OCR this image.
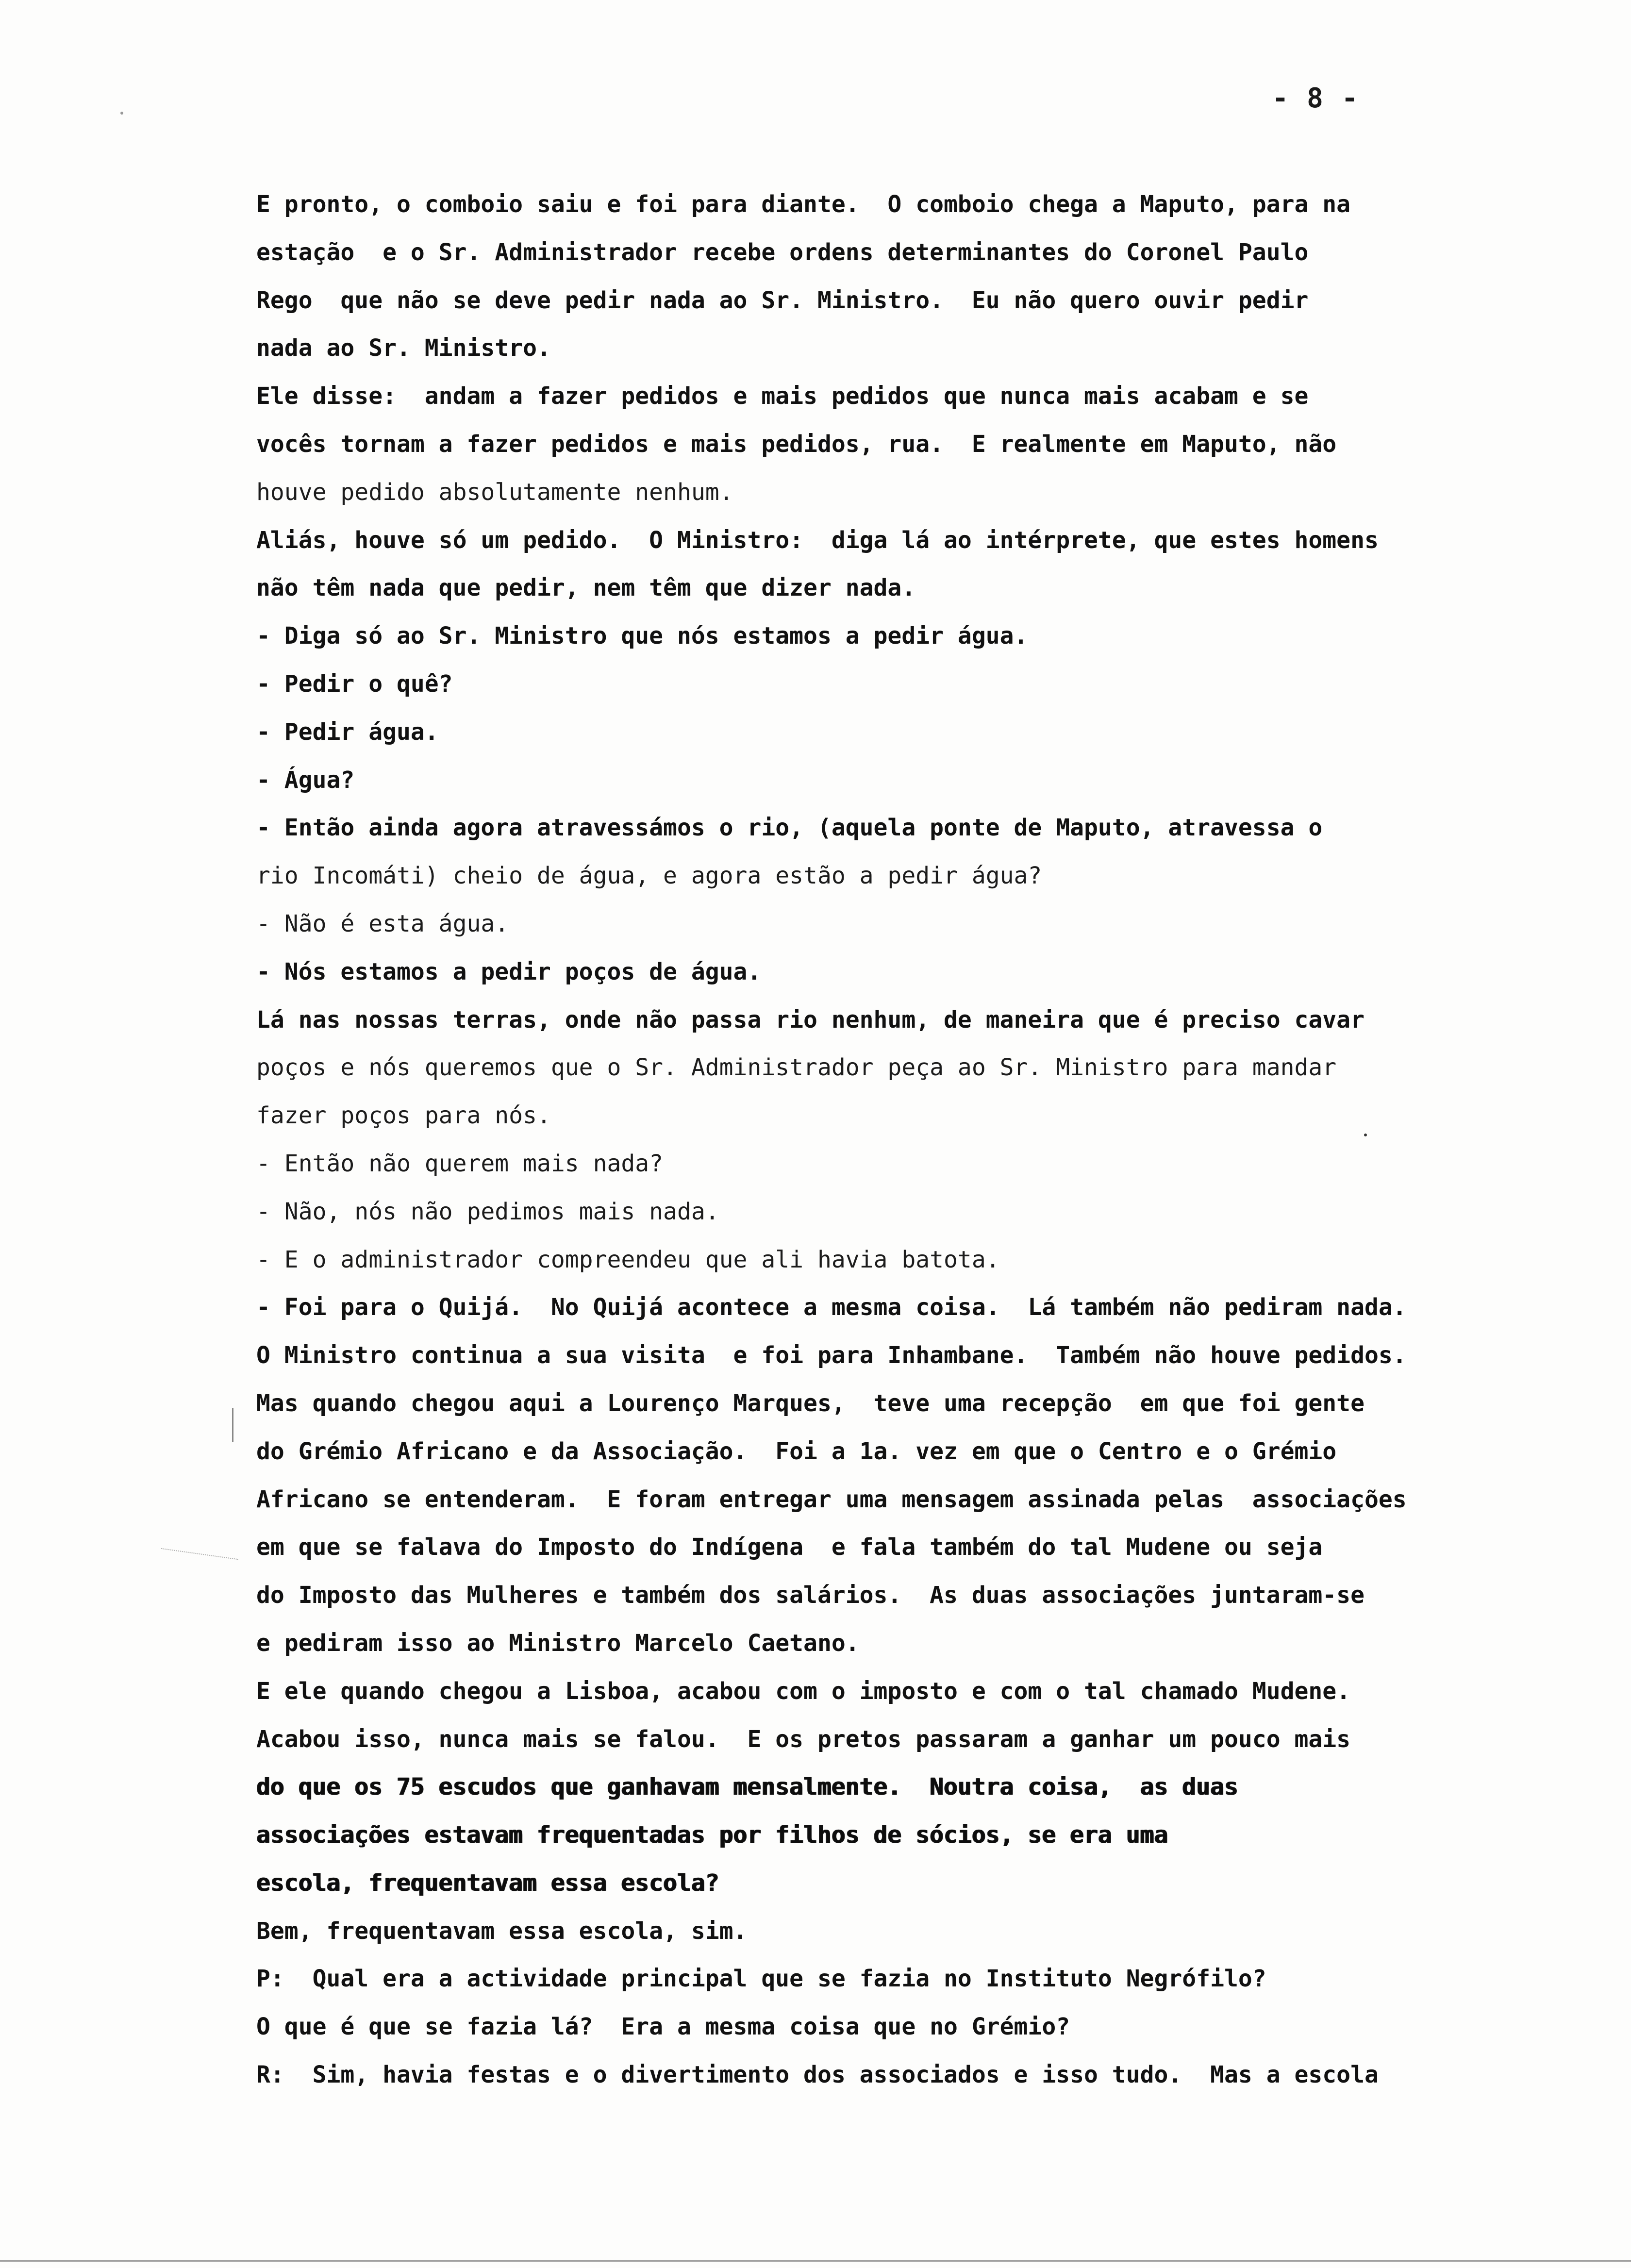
- 8 -
E pronto, o comboio saiu e foi para diante.  O comboio chega a Maputo, para na
estação  e o Sr. Administrador recebe ordens determinantes do Coronel Paulo
Rego  que não se deve pedir nada ao Sr. Ministro.  Eu não quero ouvir pedir
nada ao Sr. Ministro.
Ele disse:  andam a fazer pedidos e mais pedidos que nunca mais acabam e se
vocês tornam a fazer pedidos e mais pedidos, rua.  E realmente em Maputo, não
houve pedido absolutamente nenhum.
Aliás, houve só um pedido.  O Ministro:  diga lá ao intérprete, que estes homens
não têm nada que pedir, nem têm que dizer nada.
- Diga só ao Sr. Ministro que nós estamos a pedir água.
- Pedir o quê?
- Pedir água.
- Água?
- Então ainda agora atravessámos o rio, (aquela ponte de Maputo, atravessa o
rio Incomáti) cheio de água, e agora estão a pedir água?
- Não é esta água.
- Nós estamos a pedir poços de água.
Lá nas nossas terras, onde não passa rio nenhum, de maneira que é preciso cavar
poços e nós queremos que o Sr. Administrador peça ao Sr. Ministro para mandar
fazer poços para nós.
- Então não querem mais nada?
- Não, nós não pedimos mais nada.
- E o administrador compreendeu que ali havia batota.
- Foi para o Quijá.  No Quijá acontece a mesma coisa.  Lá também não pediram nada.
O Ministro continua a sua visita  e foi para Inhambane.  Também não houve pedidos.
Mas quando chegou aqui a Lourenço Marques,  teve uma recepção  em que foi gente
do Grémio Africano e da Associação.  Foi a 1a. vez em que o Centro e o Grémio
Africano se entenderam.  E foram entregar uma mensagem assinada pelas  associações
em que se falava do Imposto do Indígena  e fala também do tal Mudene ou seja
do Imposto das Mulheres e também dos salários.  As duas associações juntaram-se
e pediram isso ao Ministro Marcelo Caetano.
E ele quando chegou a Lisboa, acabou com o imposto e com o tal chamado Mudene.
Acabou isso, nunca mais se falou.  E os pretos passaram a ganhar um pouco mais
do que os 75 escudos que ganhavam mensalmente.  Noutra coisa,  as duas
associações estavam frequentadas por filhos de sócios, se era uma
escola, frequentavam essa escola?
Bem, frequentavam essa escola, sim.
P:  Qual era a actividade principal que se fazia no Instituto Negrófilo?
O que é que se fazia lá?  Era a mesma coisa que no Grémio?
R:  Sim, havia festas e o divertimento dos associados e isso tudo.  Mas a escola
